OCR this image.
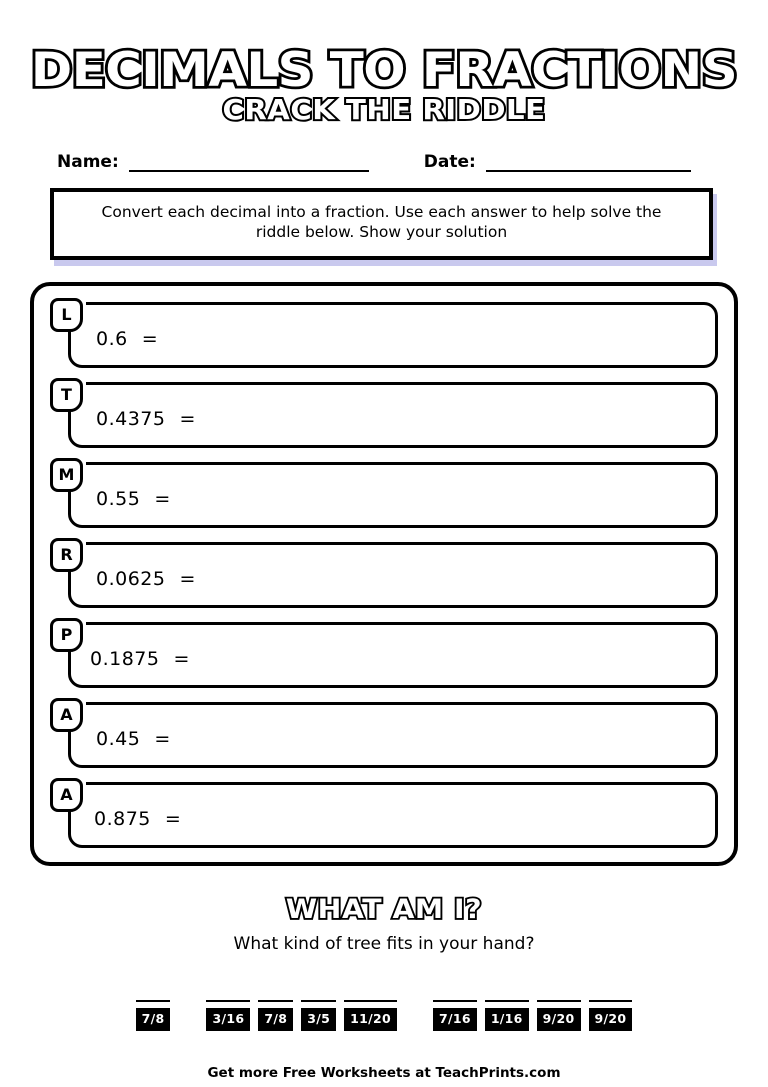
DECIMALS TO FRACTIONS
CRACK THE RIDDLE
Name:	Date:
Convert each decimal into a fraction. Use each answer to help solve the riddle below. Show your solution
L
0.6 =
T
0.4375 =
M
0.55 =
R
0.0625 =
P
0.1875 =
A
0.45 =
A
0.875 =
WHAT AM I?
What kind of tree fits in your hand?
7/8	3/16	7/8	3/5	11/20	7/16	1/16	9/20	9/20
Get more Free Worksheets at TeachPrints.com
